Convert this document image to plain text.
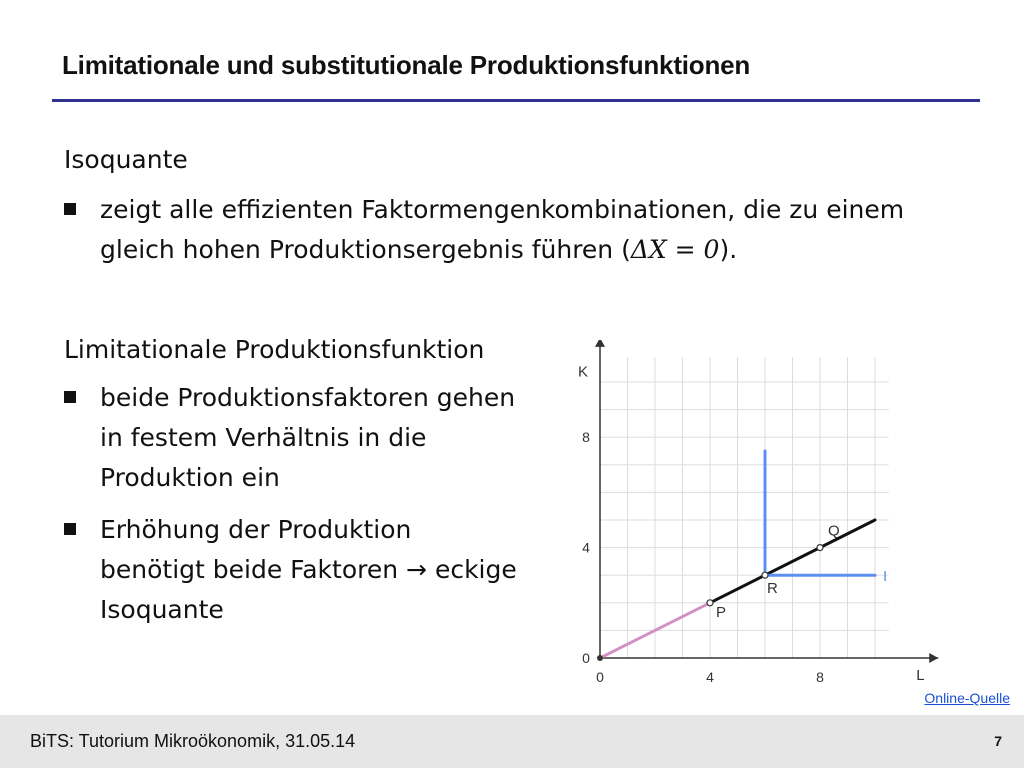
Limitationale und substitutionale Produktionsfunktionen
Isoquante
zeigt alle effizienten Faktormengenkombinationen, die zu einem gleich hohen Produktionsergebnis führen (ΔX = 0).
Limitationale Produktionsfunktion
beide Produktionsfaktoren gehen in festem Verhältnis in die Produktion ein
Erhöhung der Produktion benötigt beide Faktoren → eckige Isoquante
K
L
0	4	8
0
4
8
P
R
Q
I
Online-Quelle
BiTS: Tutorium Mikroökonomik, 31.05.14	7
